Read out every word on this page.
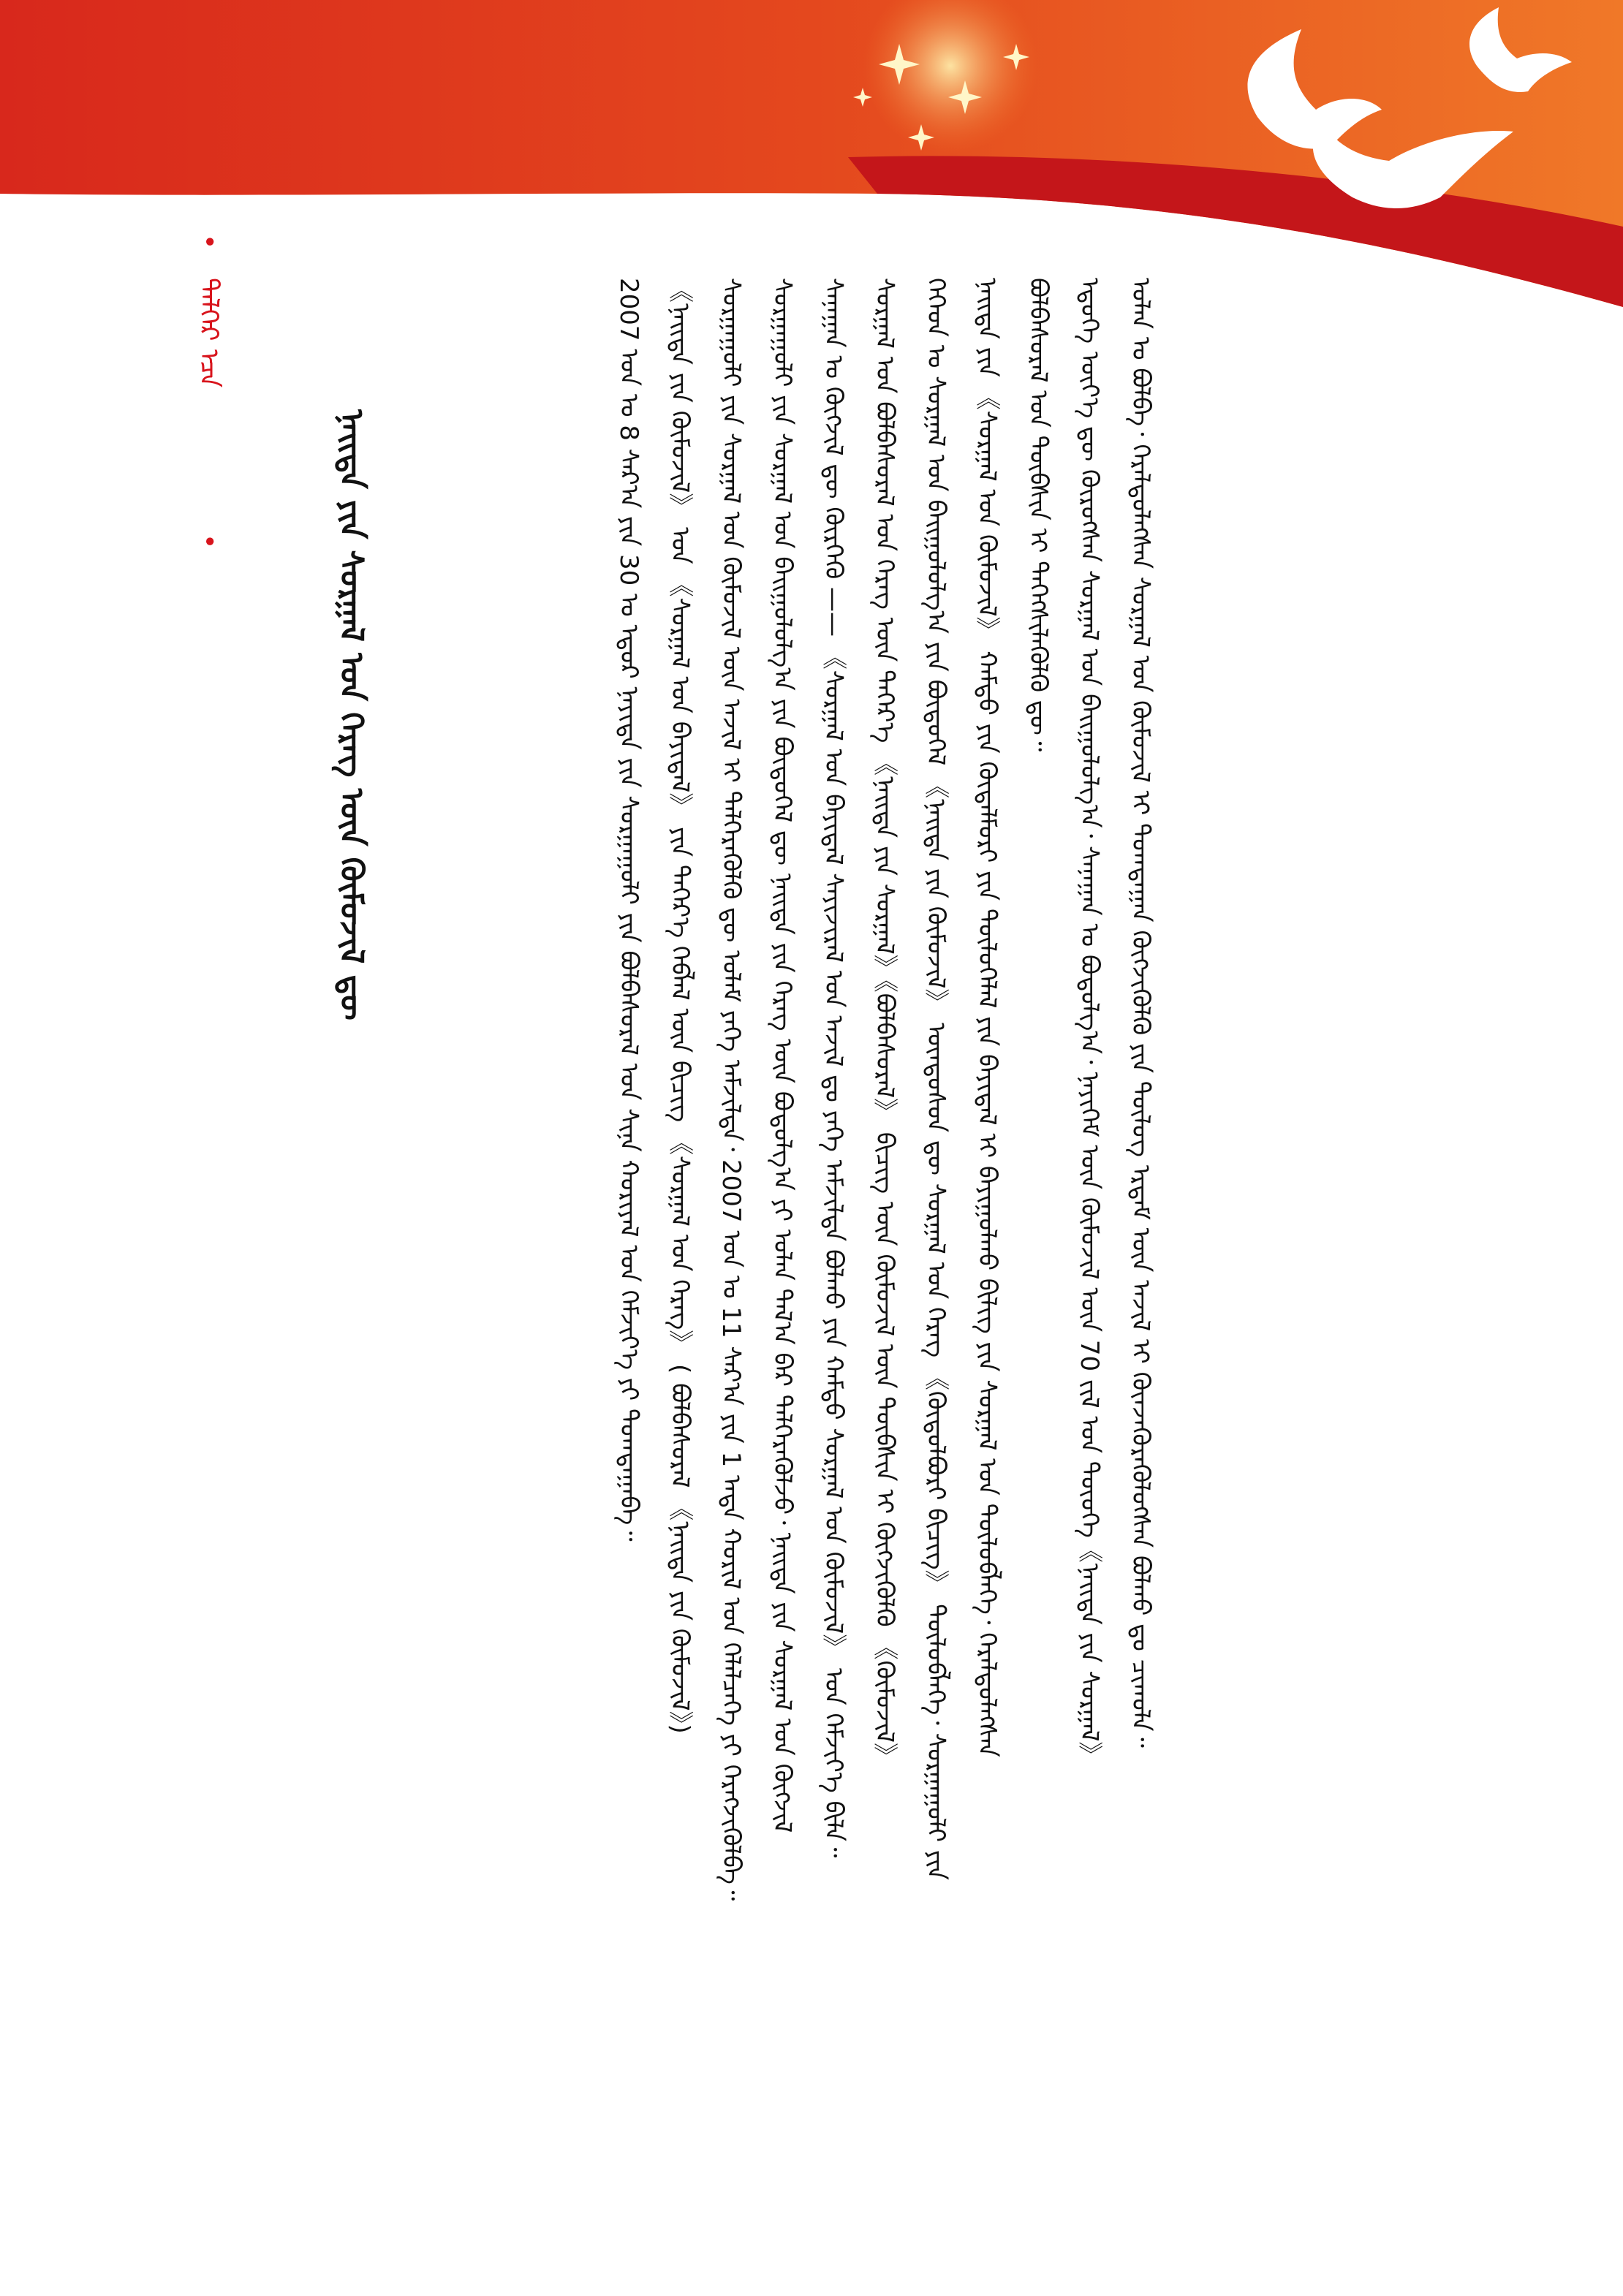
ᠣᠯᠠᠨ ᠤ ᠪᠣᠯᠪᠠ᠂ ᠭᠡᠷᠡᠯᠳᠦᠯᠡᠭᠰᠡᠨ ᠰᠤᠷᠭᠠᠯ ᠤᠨ ᠬᠦᠮᠦᠵᠢᠯ ᠢ ᠲᠣᠭᠲᠠᠭᠠᠨ ᠬᠥᠭᠵᠢᠭᠦᠯᠬᠦ ᠶᠢᠨ ᠲᠥᠯᠥᠭ ᠡᠷᠳᠡᠮ ᠦᠨ ᠠᠵᠢᠯ ᠢ ᠭᠦᠨᠵᠡᠭᠦᠷᠡᠭᠦᠯᠦᠭᠰᠡᠨ ᠪᠣᠯᠬᠤ ᠳᠤ ᠴᠢᠬᠤᠯᠠ᠃
ᠡᠳᠦᠭᠡ ᠦᠶ᠎ᠡ ᠳᠦ ᠬᠦᠷᠦᠭᠰᠡᠨ ᠰᠤᠷᠭᠠᠯ ᠤᠨ ᠪᠠᠢᠭᠤᠯᠤᠯᠭ᠎ᠠ᠂ ᠰᠠᠨᠠᠭᠠᠨ ᠤ ᠪᠣᠳᠣᠯᠭ᠎ᠠ᠂ ᠨᠡᠶᠢᠭᠡᠮ ᠦᠨ ᠬᠦᠮᠦᠵᠢᠯ ᠦᠨ 70 ᠵᠢᠯ ᠤᠨ ᠲᠦᠦᠬᠡ《ᠨᠡᠢᠲᠡ ᠶᠢᠨ ᠰᠤᠷᠭᠠᠯ》
ᠪᠣᠯᠪᠠᠰᠤᠷᠠᠯ ᠤᠨ ᠲᠦᠪᠰᠢᠨ ᠢ ᠳᠡᠭᠡᠭᠰᠢᠯᠡᠭᠦᠯᠬᠦ ᠳᠦ᠃
ᠨᠡᠢᠲᠡ ᠶᠢᠨ 《ᠰᠤᠷᠭᠠᠯ ᠤᠨ ᠬᠦᠮᠦᠵᠢᠯ》 ᠬᠠᠮᠲᠤ ᠶᠢᠨ ᠬᠥᠳᠡᠯᠮᠦᠷᠢ ᠶᠢᠨ ᠲᠥᠯᠥᠭᠡᠯᠡᠯ ᠶᠢᠨ ᠪᠠᠶᠢᠳᠠᠯ ᠢ ᠪᠠᠶᠢᠭᠤᠯᠬᠤ ᠪᠢᠯᠢᠭ ᠶᠢᠨ ᠰᠤᠷᠭᠠᠯ ᠤᠨ ᠲᠥᠯᠥᠪᠯᠡᠭᠡ᠂ ᠭᠡᠷᠡᠯᠳᠦᠯᠡᠭᠰᠡᠨ
ᠬᠡᠭᠡᠳ ᠤ ᠰᠤᠷᠭᠠᠯ ᠤᠨ ᠪᠠᠢᠭᠤᠯᠤᠯᠭ᠎ᠠ ᠶᠢᠨ ᠪᠦᠲᠦᠭᠡᠯ 《ᠨᠡᠢᠲᠡ ᠶᠢᠨ ᠬᠦᠮᠦᠵᠢᠯ》 ᠦᠨᠳᠦᠰᠦᠨ ᠳᠦ ᠰᠤᠷᠭᠠᠯ ᠤᠨ ᠬᠡᠷᠡᠭ 《ᠬᠥᠲᠦᠯᠪᠦᠷᠢ ᠪᠢᠴᠢᠭ》 ᠲᠥᠯᠦᠪᠯᠡᠭᠡ᠂ ᠰᠤᠷᠭᠠᠭᠤᠯᠢ ᠶᠢᠨ
ᠰᠤᠷᠭᠠᠯ ᠤᠨ ᠪᠣᠯᠪᠠᠰᠤᠷᠠᠯ ᠤᠨ ᠬᠡᠷᠡᠭ ᠦᠨ ᠳᠡᠭᠡᠷ᠎ᠡ 《ᠨᠡᠢᠲᠡ ᠶᠢᠨ ᠰᠤᠷᠭᠠᠯ》《ᠪᠣᠯᠪᠠᠰᠤᠷᠠᠯ》 ᠪᠢᠴᠢᠭ ᠦᠨ ᠬᠦᠮᠦᠵᠢᠯ ᠦᠨ ᠲᠦᠪᠰᠢᠨ ᠢ ᠬᠥᠭᠵᠢᠭᠦᠯᠬᠦ 《ᠬᠦᠮᠦᠵᠢᠯ》
ᠰᠠᠨᠠᠭᠠᠨ ᠤ ᠬᠥᠭᠵᠢᠯ ᠳᠦ ᠬᠦᠷᠭᠡᠬᠦ —— 《ᠰᠤᠷᠭᠠᠯ ᠤᠨ ᠪᠠᠶᠢᠳᠠᠯ ᠰᠠᠶᠢᠵᠢᠷᠠᠯ ᠤᠨ ᠠᠵᠢᠯ ᠳᠤ ᠶᠡᠬᠡ ᠠᠮᠵᠢᠯᠲᠠ ᠪᠣᠯᠬᠤ ᠶᠢᠨ ᠬᠠᠮᠲᠤ ᠰᠤᠷᠭᠠᠯ ᠤᠨ ᠬᠦᠮᠦᠵᠢᠯ》 ᠤᠨ ᠬᠡᠮᠵᠢᠶ᠎ᠡ ᠪᠢᠯᠡ᠃
ᠰᠤᠷᠭᠠᠭᠤᠯᠢ ᠶᠢᠨ ᠰᠤᠷᠭᠠᠯ ᠤᠨ ᠪᠠᠢᠭᠤᠯᠤᠯᠭ᠎ᠠ ᠶᠢᠨ ᠪᠦᠲᠦᠭᠡᠯ ᠳᠦ ᠨᠡᠢᠲᠡ ᠶᠢᠨ ᠬᠡᠷᠡᠭ ᠦᠨ ᠪᠣᠳᠣᠯᠭ᠎ᠠ ᠶᠢ ᠣᠯᠠᠨ ᠲᠠᠯ᠎ᠠ ᠪᠠᠷ ᠳᠡᠯᠭᠡᠷᠡᠭᠦᠯᠵᠦ᠂ ᠨᠡᠢᠲᠡ ᠶᠢᠨ ᠰᠤᠷᠭᠠᠯ ᠤᠨ ᠬᠥᠭᠵᠢᠯ
ᠰᠤᠷᠭᠠᠭᠤᠯᠢ ᠶᠢᠨ ᠰᠤᠷᠭᠠᠯ ᠤᠨ ᠬᠦᠮᠦᠵᠢᠯ ᠦᠨ ᠠᠵᠢᠯ ᠢ ᠳᠡᠯᠭᠡᠷᠡᠭᠦᠯᠬᠦ ᠳᠦ ᠤᠯᠠᠮ ᠶᠡᠬᠡ ᠠᠮᠵᠢᠯᠲᠠ᠂ 2007 ᠣᠨ ᠤ 11 ᠰᠠᠷ᠎ᠠ ᠶᠢᠨ 1 ᠡᠨᠳᠡ ᠬᠣᠷᠢᠯ ᠤᠨ ᠬᠡᠯᠡᠯᠴᠡᠭᠡ ᠶᠢ ᠬᠡᠷᠡᠭᠵᠢᠭᠦᠯᠪᠡ᠃
《ᠨᠡᠢᠲᠡ ᠶᠢᠨ ᠬᠦᠮᠦᠵᠢᠯ》 ᠤᠨ 《ᠰᠤᠷᠭᠠᠯ ᠤᠨ ᠪᠠᠶᠢᠳᠠᠯ》 ᠶᠢᠨ ᠳᠡᠭᠡᠷ᠎ᠡ ᠬᠡᠪᠯᠡᠯ ᠦᠨ ᠪᠢᠴᠢᠭ 《ᠰᠤᠷᠭᠠᠯ ᠤᠨ ᠬᠡᠷᠡᠭ》 ( ᠪᠣᠯᠪᠠᠰᠤᠷᠠᠯ 《ᠨᠡᠢᠲᠡ ᠶᠢᠨ ᠬᠦᠮᠦᠵᠢᠯ》)
2007 ᠣᠨ ᠤ 8 ᠰᠠᠷ᠎ᠠ ᠶᠢᠨ 30 ᠤ ᠡᠳᠦᠷ ᠨᠡᠶᠢᠲᠡ ᠶᠢᠨ ᠰᠤᠷᠭᠠᠭᠤᠯᠢ ᠶᠢᠨ ᠪᠣᠯᠪᠠᠰᠤᠷᠠᠯ ᠤᠨ ᠰᠢᠨᠡ ᠬᠣᠷᠢᠶᠠᠯ ᠤᠨ ᠬᠡᠮᠵᠢᠶ᠎ᠡ ᠶᠢ ᠲᠣᠭᠲᠠᠭᠠᠪᠠ᠃
ᠨᠡᠢᠲᠡ ᠶᠢᠨ ᠰᠤᠷᠭᠠᠯ ᠤᠨ ᠬᠡᠷᠡᠭ ᠦᠨ ᠬᠦᠮᠦᠵᠢᠯ ᠳᠦ
•
ᠳᠡᠯᠭᠡᠷ ᠡᠴᠡ
•
